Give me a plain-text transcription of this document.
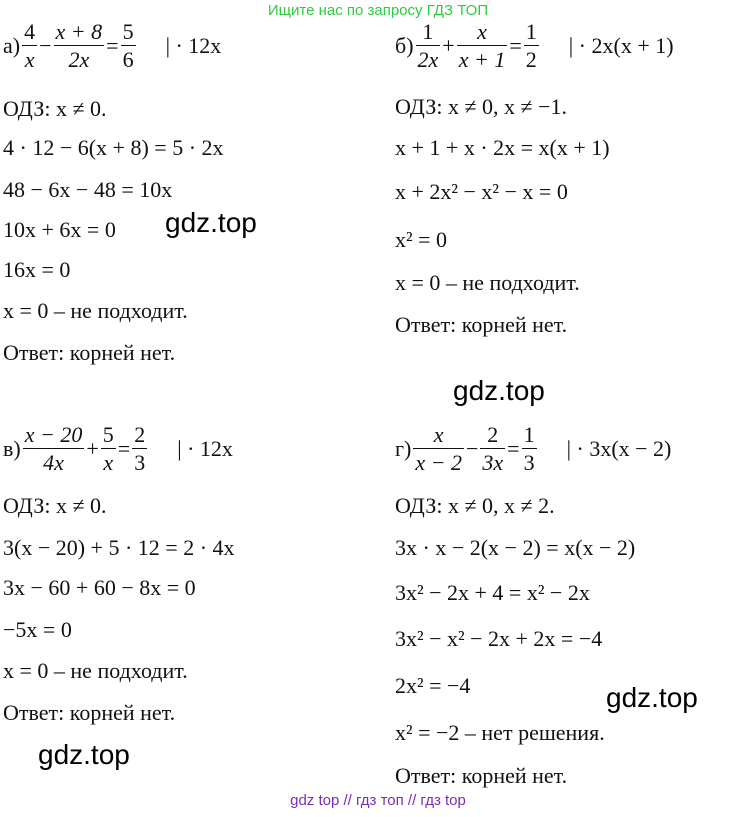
Ищите нас по запросу ГДЗ ТОП
$а) \frac{4}{x} - \frac{x + 8}{2x} = \frac{5}{6}$ | · 12x
ОДЗ: x ≠ 0.
4 · 12 − 6(x + 8) = 5 · 2x
48 − 6x − 48 = 10x
10x + 6x = 0
16x = 0
x = 0 – не подходит.
Ответ: корней нет.
$б) \frac{1}{2x} + \frac{x}{x + 1} = \frac{1}{2}$ | · 2x(x + 1)
ОДЗ: x ≠ 0, x ≠ −1.
x + 1 + x · 2x = x(x + 1)
x + 2x² − x² − x = 0
x² = 0
x = 0 – не подходит.
Ответ: корней нет.
$в) \frac{x - 20}{4x} + \frac{5}{x} = \frac{2}{3}$ | · 12x
ОДЗ: x ≠ 0.
3(x − 20) + 5 · 12 = 2 · 4x
3x − 60 + 60 − 8x = 0
−5x = 0
x = 0 – не подходит.
Ответ: корней нет.
$г) \frac{x}{x - 2} - \frac{2}{3x} = \frac{1}{3}$ | · 3x(x − 2)
ОДЗ: x ≠ 0, x ≠ 2.
3x · x − 2(x − 2) = x(x − 2)
3x² − 2x + 4 = x² − 2x
3x² − x² − 2x + 2x = −4
2x² = −4
x² = −2 – нет решения.
Ответ: корней нет.
gdz.top
gdz.top
gdz.top
gdz.top
gdz top // гдз топ // гдз top
